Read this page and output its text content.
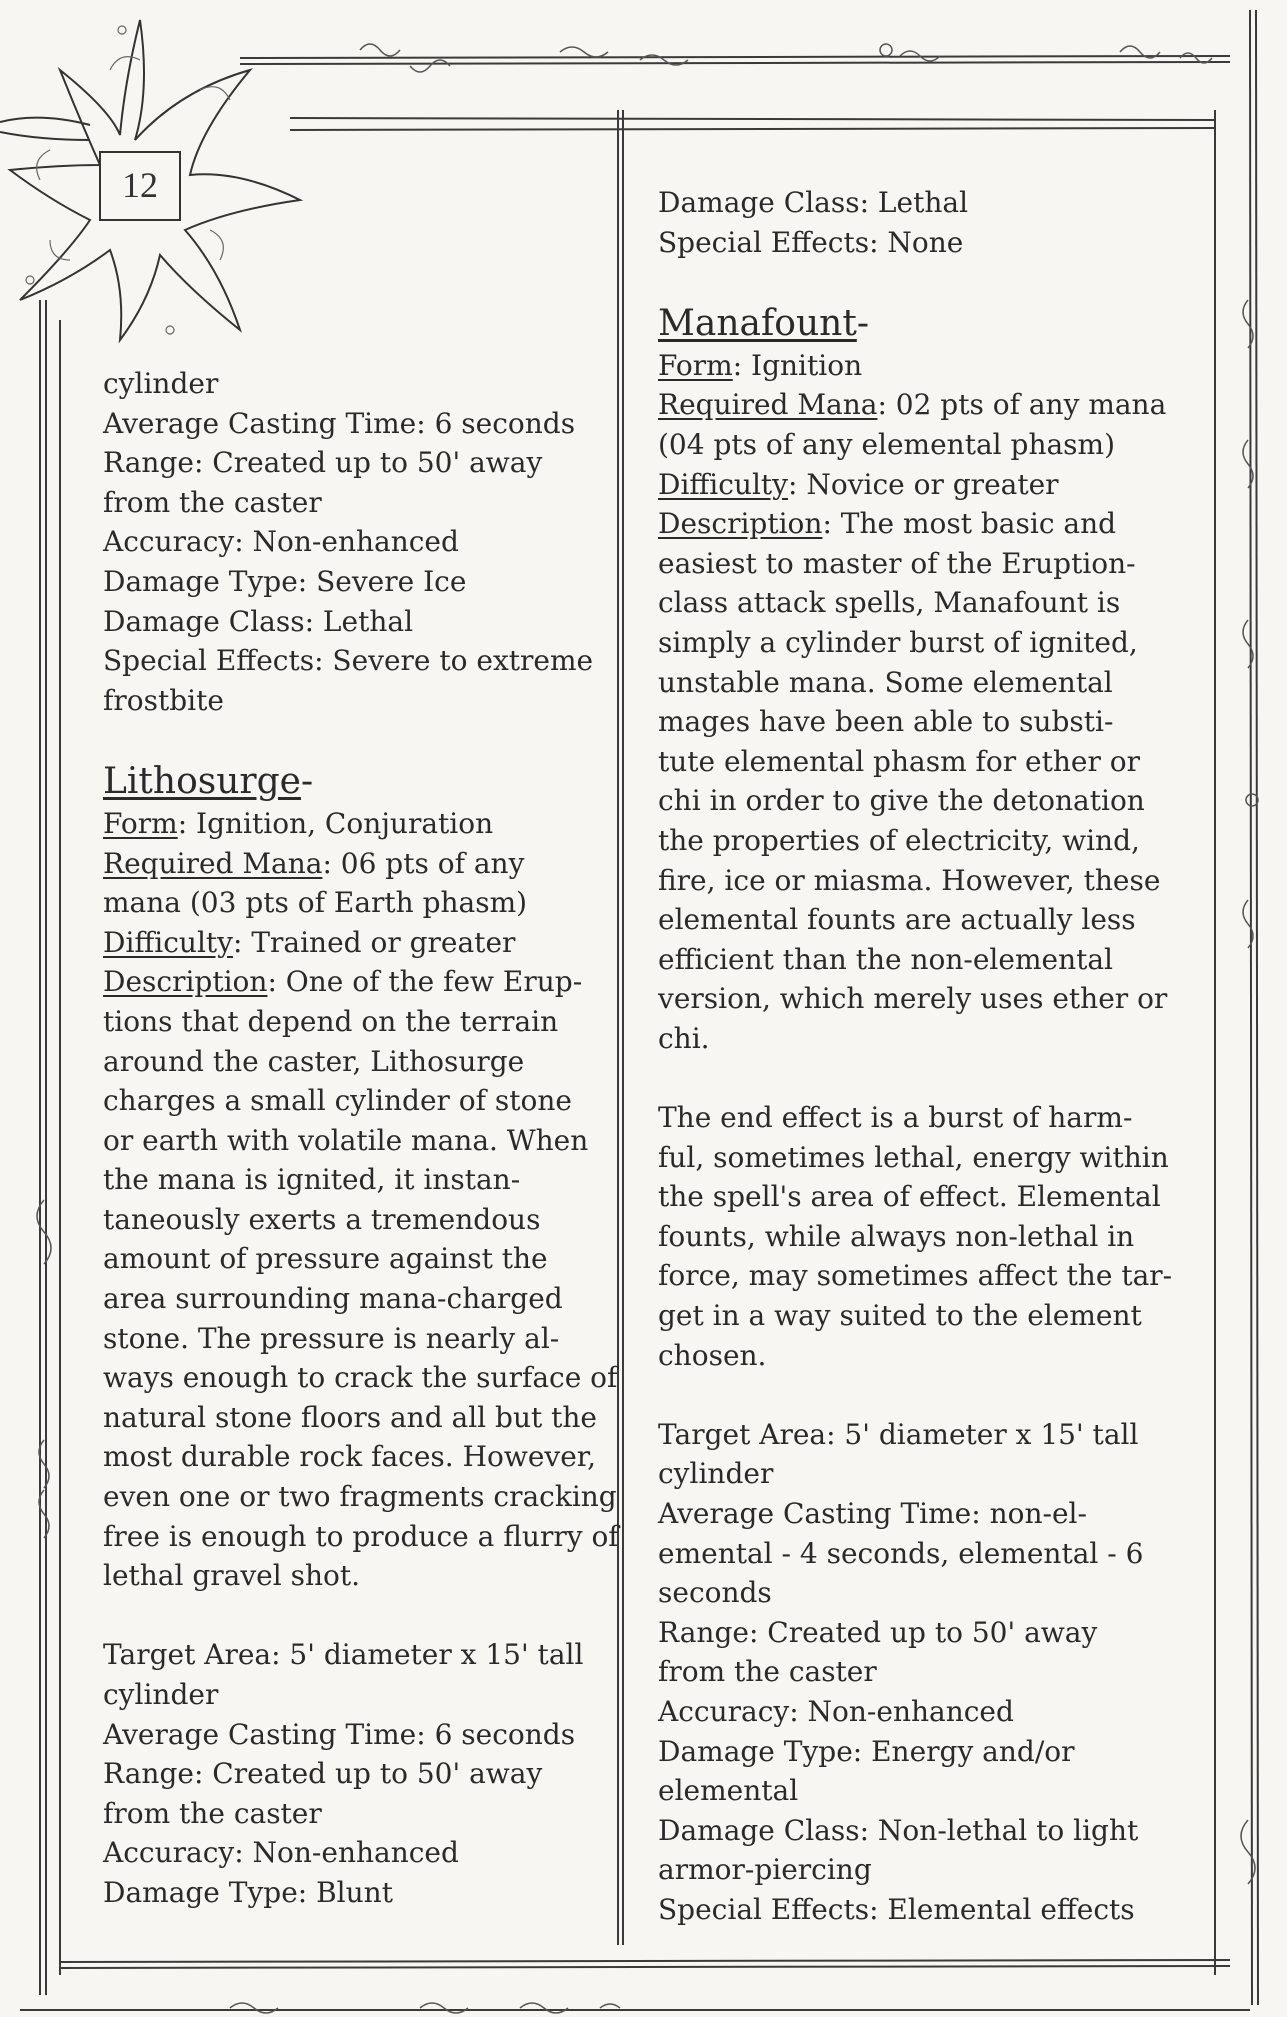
12
cylinder
Average Casting Time: 6 seconds
Range: Created up to 50' away
from the caster
Accuracy: Non-enhanced
Damage Type: Severe Ice
Damage Class: Lethal
Special Effects: Severe to extreme
frostbite
Lithosurge-
Form: Ignition, Conjuration
Required Mana: 06 pts of any
mana (03 pts of Earth phasm)
Difficulty: Trained or greater
Description: One of the few Erup-
tions that depend on the terrain
around the caster, Lithosurge
charges a small cylinder of stone
or earth with volatile mana. When
the mana is ignited, it instan-
taneously exerts a tremendous
amount of pressure against the
area surrounding mana-charged
stone. The pressure is nearly al-
ways enough to crack the surface of
natural stone floors and all but the
most durable rock faces. However,
even one or two fragments cracking
free is enough to produce a flurry of
lethal gravel shot.
Target Area: 5' diameter x 15' tall
cylinder
Average Casting Time: 6 seconds
Range: Created up to 50' away
from the caster
Accuracy: Non-enhanced
Damage Type: Blunt
Damage Class: Lethal
Special Effects: None
Manafount-
Form: Ignition
Required Mana: 02 pts of any mana
(04 pts of any elemental phasm)
Difficulty: Novice or greater
Description: The most basic and
easiest to master of the Eruption-
class attack spells, Manafount is
simply a cylinder burst of ignited,
unstable mana. Some elemental
mages have been able to substi-
tute elemental phasm for ether or
chi in order to give the detonation
the properties of electricity, wind,
fire, ice or miasma. However, these
elemental founts are actually less
efficient than the non-elemental
version, which merely uses ether or
chi.
The end effect is a burst of harm-
ful, sometimes lethal, energy within
the spell's area of effect. Elemental
founts, while always non-lethal in
force, may sometimes affect the tar-
get in a way suited to the element
chosen.
Target Area: 5' diameter x 15' tall
cylinder
Average Casting Time: non-el-
emental - 4 seconds, elemental - 6
seconds
Range: Created up to 50' away
from the caster
Accuracy: Non-enhanced
Damage Type: Energy and/or
elemental
Damage Class: Non-lethal to light
armor-piercing
Special Effects: Elemental effects
